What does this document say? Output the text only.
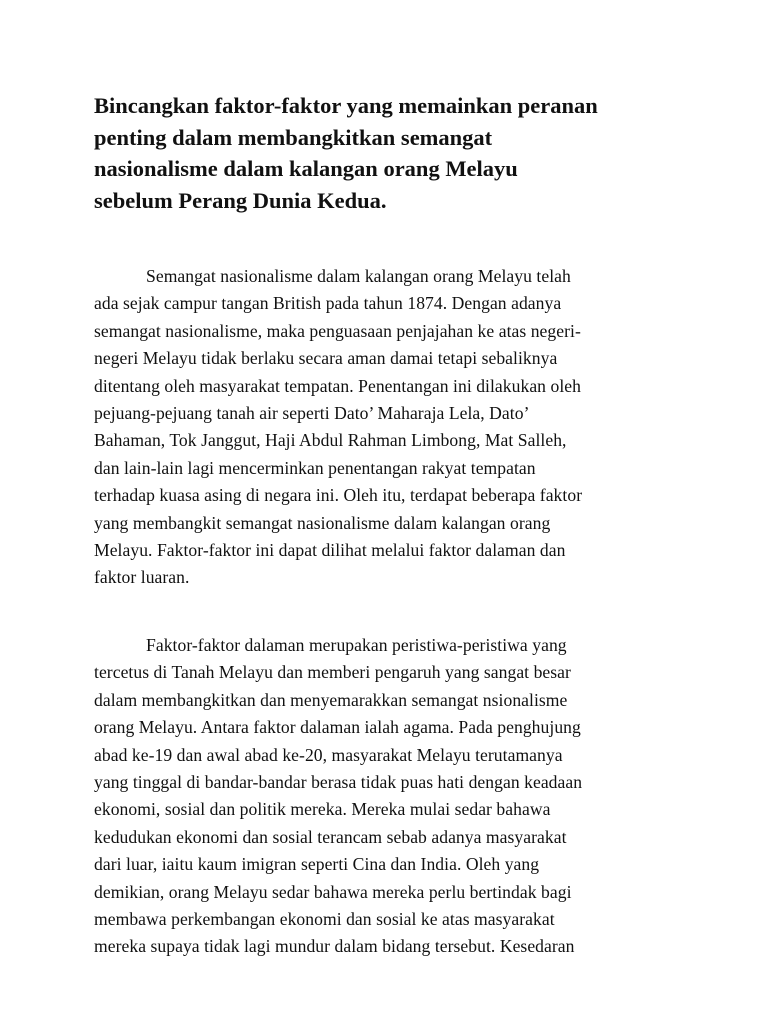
Bincangkan faktor-faktor yang memainkan peranan
penting dalam membangkitkan semangat
nasionalisme dalam kalangan orang Melayu
sebelum Perang Dunia Kedua.
Semangat nasionalisme dalam kalangan orang Melayu telah
ada sejak campur tangan British pada tahun 1874. Dengan adanya
semangat nasionalisme, maka penguasaan penjajahan ke atas negeri-
negeri Melayu tidak berlaku secara aman damai tetapi sebaliknya
ditentang oleh masyarakat tempatan. Penentangan ini dilakukan oleh
pejuang-pejuang tanah air seperti Dato’ Maharaja Lela, Dato’
Bahaman, Tok Janggut, Haji Abdul Rahman Limbong, Mat Salleh,
dan lain-lain lagi mencerminkan penentangan rakyat tempatan
terhadap kuasa asing di negara ini. Oleh itu, terdapat beberapa faktor
yang membangkit semangat nasionalisme dalam kalangan orang
Melayu. Faktor-faktor ini dapat dilihat melalui faktor dalaman dan
faktor luaran.
Faktor-faktor dalaman merupakan peristiwa-peristiwa yang
tercetus di Tanah Melayu dan memberi pengaruh yang sangat besar
dalam membangkitkan dan menyemarakkan semangat nsionalisme
orang Melayu. Antara faktor dalaman ialah agama. Pada penghujung
abad ke-19 dan awal abad ke-20, masyarakat Melayu terutamanya
yang tinggal di bandar-bandar berasa tidak puas hati dengan keadaan
ekonomi, sosial dan politik mereka. Mereka mulai sedar bahawa
kedudukan ekonomi dan sosial terancam sebab adanya masyarakat
dari luar, iaitu kaum imigran seperti Cina dan India. Oleh yang
demikian, orang Melayu sedar bahawa mereka perlu bertindak bagi
membawa perkembangan ekonomi dan sosial ke atas masyarakat
mereka supaya tidak lagi mundur dalam bidang tersebut. Kesedaran
